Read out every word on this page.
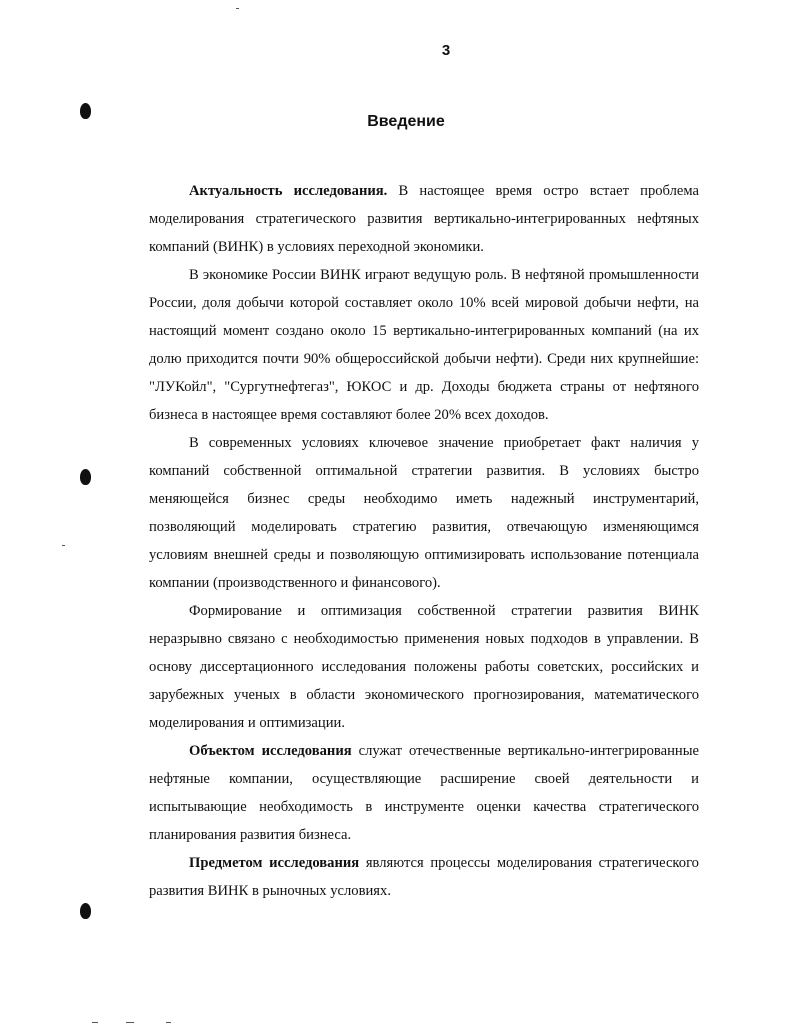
3
Введение

Актуальность исследования. В настоящее время остро встает проблема моделирования стратегического развития вертикально-интегрированных нефтяных компаний (ВИНК) в условиях переходной экономики.

В экономике России ВИНК играют ведущую роль. В нефтяной промышленности России, доля добычи которой составляет около 10% всей мировой добычи нефти, на настоящий момент создано около 15 вертикально-интегрированных компаний (на их долю приходится почти 90% общероссийской добычи нефти). Среди них крупнейшие: "ЛУКойл", "Сургутнефтегаз", ЮКОС и др. Доходы бюджета страны от нефтяного бизнеса в настоящее время составляют более 20% всех доходов.

В современных условиях ключевое значение приобретает факт наличия у компаний собственной оптимальной стратегии развития. В условиях быстро меняющейся бизнес среды необходимо иметь надежный инструментарий, позволяющий моделировать стратегию развития, отвечающую изменяющимся условиям внешней среды и позволяющую оптимизировать использование потенциала компании (производственного и финансового).

Формирование и оптимизация собственной стратегии развития ВИНК неразрывно связано с необходимостью применения новых подходов в управлении. В основу диссертационного исследования положены работы советских, российских и зарубежных ученых в области экономического прогнозирования, математического моделирования и оптимизации.

Объектом исследования служат отечественные вертикально-интегрированные нефтяные компании, осуществляющие расширение своей деятельности и испытывающие необходимость в инструменте оценки качества стратегического планирования развития бизнеса.

Предметом исследования являются процессы моделирования стратегического развития ВИНК в рыночных условиях.
